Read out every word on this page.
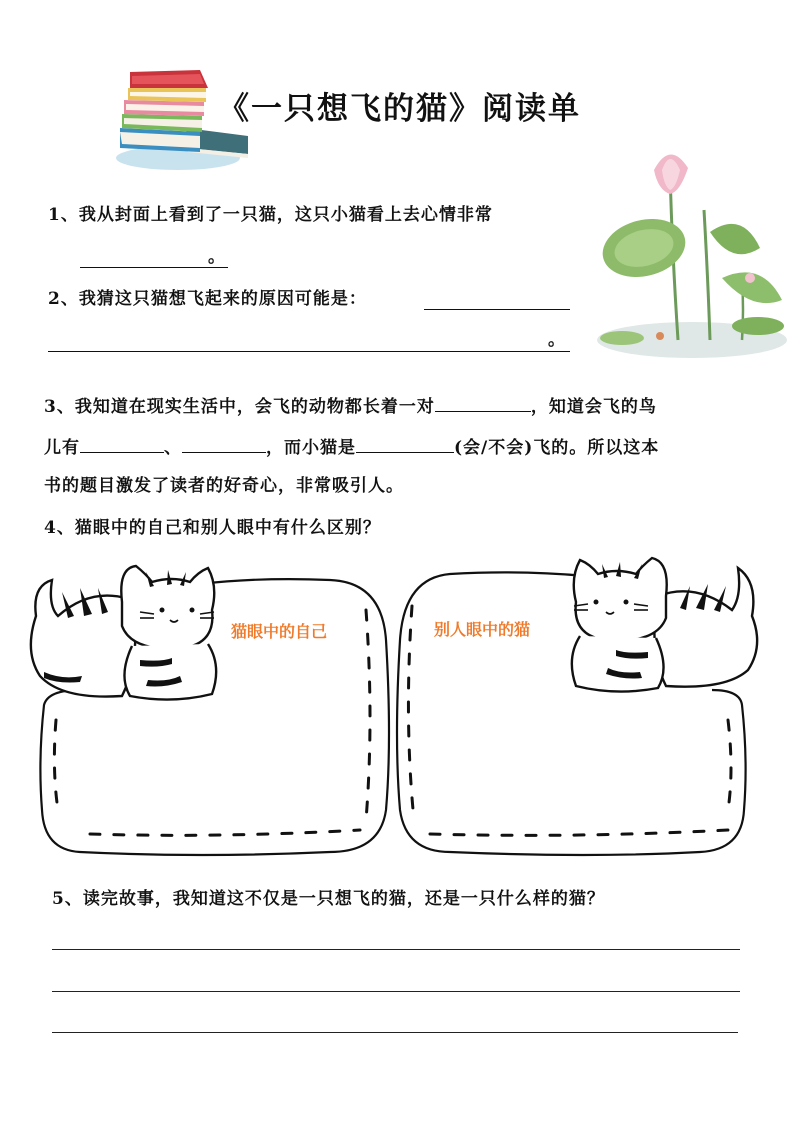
《一只想飞的猫》阅读单
1、我从封面上看到了一只猫，这只小猫看上去心情非常
。
2、我猜这只猫想飞起来的原因可能是：
。
3、我知道在现实生活中，会飞的动物都长着一对	，知道会飞的鸟
儿有	、	，而小猫是	(会/不会)飞的。所以这本
书的题目激发了读者的好奇心，非常吸引人。
4、猫眼中的自己和别人眼中有什么区别？
猫眼中的自己	别人眼中的猫
5、读完故事，我知道这不仅是一只想飞的猫，还是一只什么样的猫？
